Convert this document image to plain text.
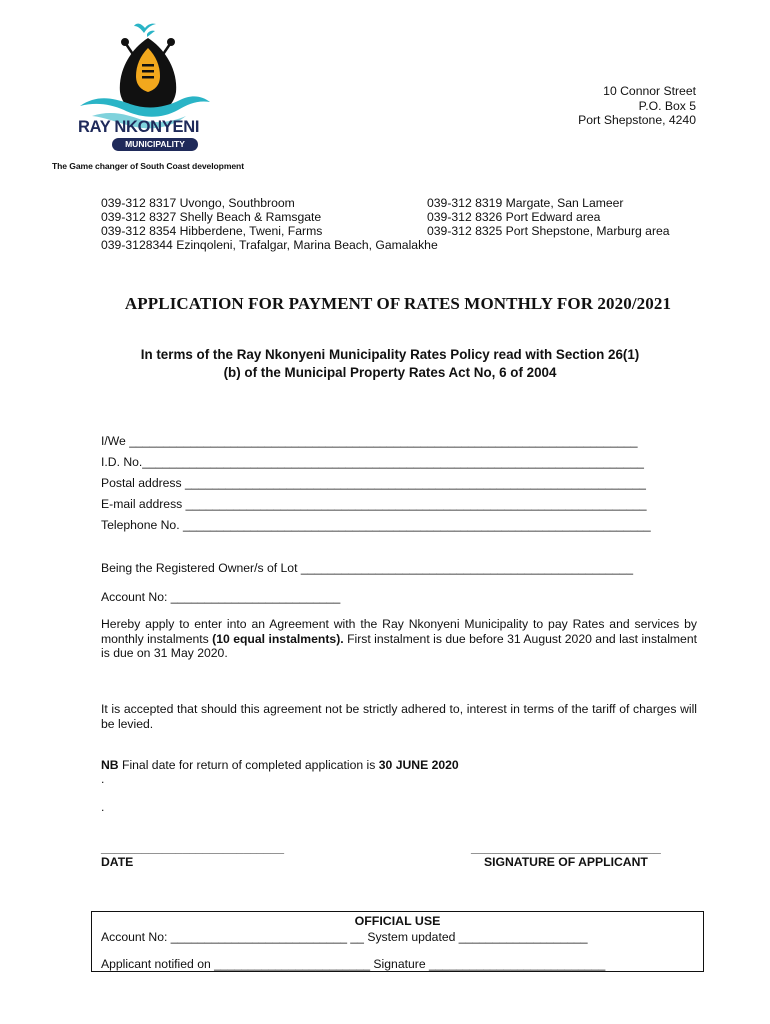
RAY NKONYENI
MUNICIPALITY
The Game changer of South Coast development
10 Connor Street
P.O. Box 5
Port Shepstone, 4240
039-312 8317 Uvongo, Southbroom	039-312 8319 Margate, San Lameer
039-312 8327 Shelly Beach & Ramsgate	039-312 8326 Port Edward area
039-312 8354 Hibberdene, Tweni, Farms	039-312 8325 Port Shepstone, Marburg area
039-3128344 Ezinqoleni, Trafalgar, Marina Beach, Gamalakhe
APPLICATION FOR PAYMENT OF RATES MONTHLY FOR 2020/2021
In terms of the Ray Nkonyeni Municipality Rates Policy read with Section 26(1)
(b) of the Municipal Property Rates Act No, 6 of 2004
I/We ___________________________________________________________________________
I.D. No.__________________________________________________________________________
Postal address ____________________________________________________________________
E-mail address ____________________________________________________________________
Telephone No. _____________________________________________________________________
Being the Registered Owner/s of Lot _________________________________________________
Account No: _________________________
Hereby apply to enter into an Agreement with the Ray Nkonyeni Municipality to pay Rates and services by monthly instalments (10 equal instalments). First instalment is due before 31 August 2020 and last instalment is due on 31 May 2020.
It is accepted that should this agreement not be strictly adhered to, interest in terms of the tariff of charges will be levied.
NB Final date for return of completed application is 30 JUNE 2020
.
.
___________________________
DATE
____________________________
SIGNATURE OF APPLICANT
OFFICIAL USE
Account No: __________________________ __ System updated ___________________
Applicant notified on _______________________ Signature __________________________
